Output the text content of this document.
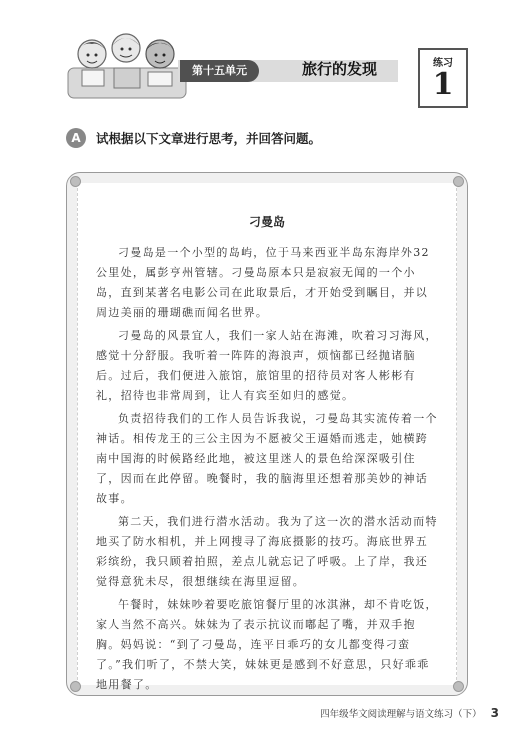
第十五单元	旅行的发现	练习
1
A	试根据以下文章进行思考，并回答问题。
刁曼岛

刁曼岛是一个小型的岛屿，位于马来西亚半岛东海岸外32公里处，属彭亨州管辖。刁曼岛原本只是寂寂无闻的一个小岛，直到某著名电影公司在此取景后，才开始受到瞩目，并以周边美丽的珊瑚礁而闻名世界。

刁曼岛的风景宜人，我们一家人站在海滩，吹着习习海风，感觉十分舒服。我听着一阵阵的海浪声，烦恼都已经抛诸脑后。过后，我们便进入旅馆，旅馆里的招待员对客人彬彬有礼，招待也非常周到，让人有宾至如归的感觉。

负责招待我们的工作人员告诉我说，刁曼岛其实流传着一个神话。相传龙王的三公主因为不愿被父王逼婚而逃走，她横跨南中国海的时候路经此地，被这里迷人的景色给深深吸引住了，因而在此停留。晚餐时，我的脑海里还想着那美妙的神话故事。

第二天，我们进行潜水活动。我为了这一次的潜水活动而特地买了防水相机，并上网搜寻了海底摄影的技巧。海底世界五彩缤纷，我只顾着拍照，差点儿就忘记了呼吸。上了岸，我还觉得意犹未尽，很想继续在海里逗留。

午餐时，妹妹吵着要吃旅馆餐厅里的冰淇淋，却不肯吃饭，家人当然不高兴。妹妹为了表示抗议而嘟起了嘴，并双手抱胸。妈妈说：“到了刁曼岛，连平日乖巧的女儿都变得刁蛮了。”我们听了，不禁大笑，妹妹更是感到不好意思，只好乖乖地用餐了。

四年级华文阅读理解与语文练习（下） 3
